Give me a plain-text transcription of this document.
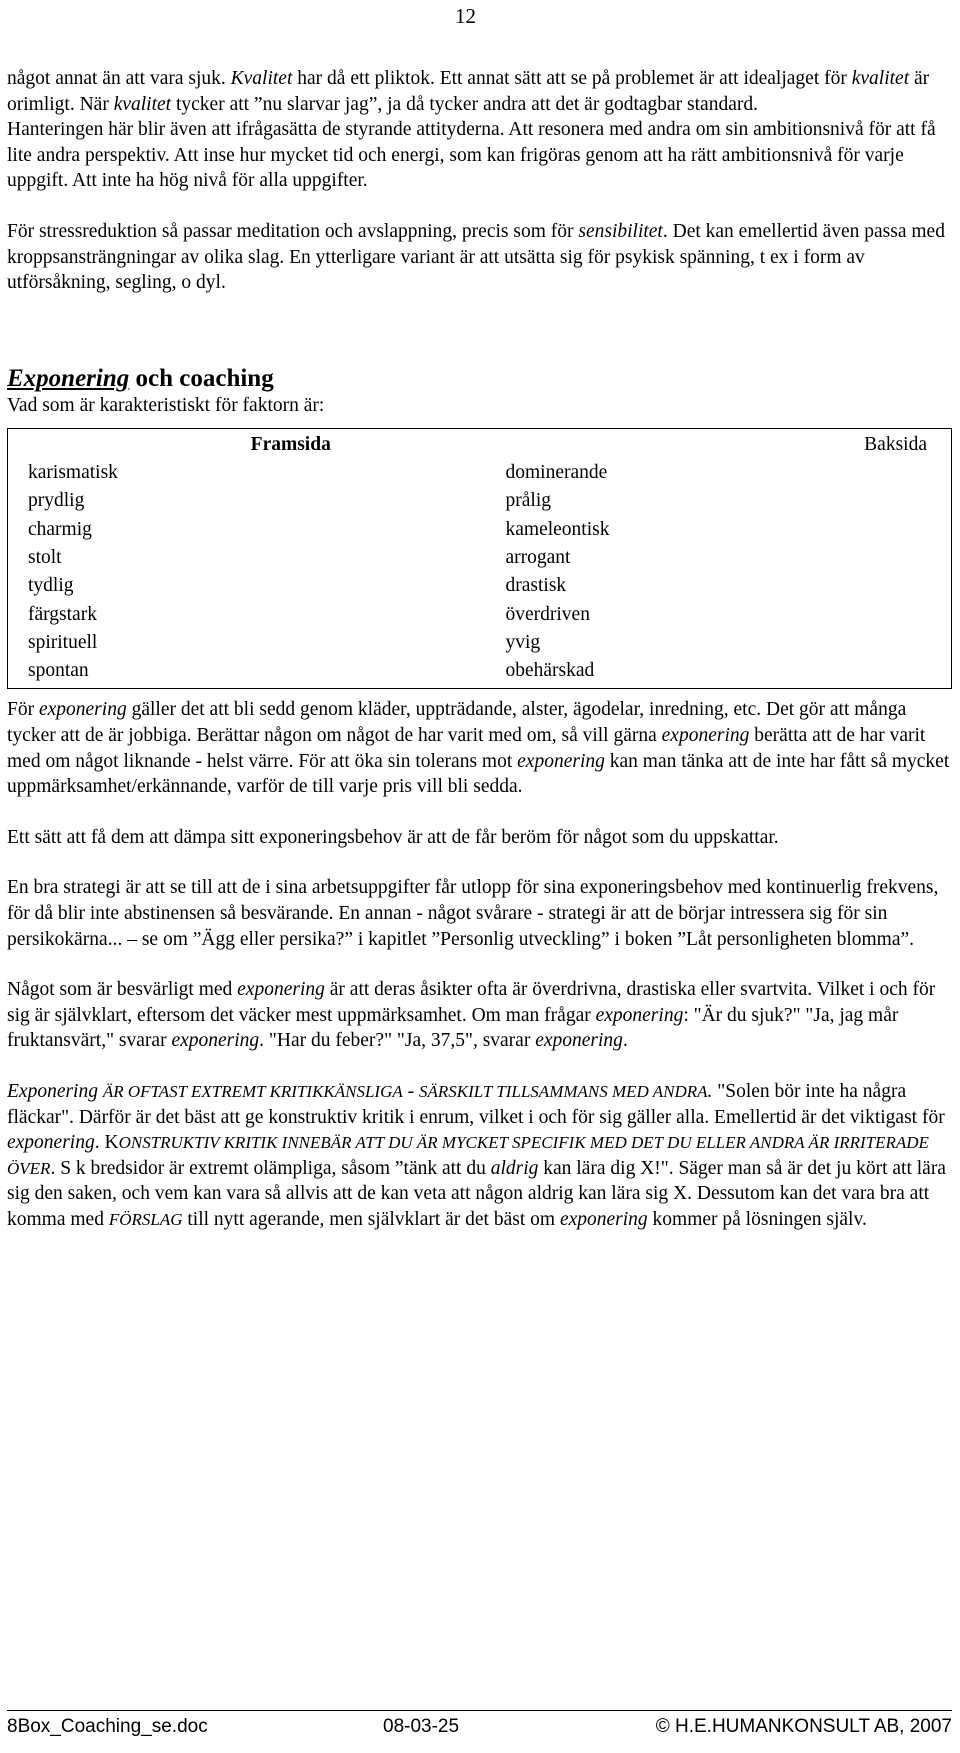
12

något annat än att vara sjuk. Kvalitet har då ett pliktok. Ett annat sätt att se på problemet är att idealjaget för kvalitet är orimligt. När kvalitet tycker att ”nu slarvar jag”, ja då tycker andra att det är godtagbar standard.

Hanteringen här blir även att ifrågasätta de styrande attityderna. Att resonera med andra om sin ambitionsnivå för att få lite andra perspektiv. Att inse hur mycket tid och energi, som kan frigöras genom att ha rätt ambitionsnivå för varje uppgift. Att inte ha hög nivå för alla uppgifter.

För stressreduktion så passar meditation och avslappning, precis som för sensibilitet. Det kan emellertid även passa med kroppsansträngningar av olika slag. En ytterligare variant är att utsätta sig för psykisk spänning, t ex i form av utförsåkning, segling, o dyl.

Exponering och coaching

Vad som är karakteristiskt för faktorn är:

Framsida
karismatisk
prydlig
charmig
stolt
tydlig
färgstark
spirituell
spontan
Baksida
dominerande
prålig
kameleontisk
arrogant
drastisk
överdriven
yvig
obehärskad

För exponering gäller det att bli sedd genom kläder, uppträdande, alster, ägodelar, inredning, etc. Det gör att många tycker att de är jobbiga. Berättar någon om något de har varit med om, så vill gärna exponering berätta att de har varit med om något liknande - helst värre. För att öka sin tolerans mot exponering kan man tänka att de inte har fått så mycket uppmärksamhet/erkännande, varför de till varje pris vill bli sedda.

Ett sätt att få dem att dämpa sitt exponeringsbehov är att de får beröm för något som du uppskattar.

En bra strategi är att se till att de i sina arbetsuppgifter får utlopp för sina exponeringsbehov med kontinuerlig frekvens, för då blir inte abstinensen så besvärande. En annan - något svårare - strategi är att de börjar intressera sig för sin persikokärna... – se om ”Ägg eller persika?” i kapitlet ”Personlig utveckling” i boken ”Låt personligheten blomma”.

Något som är besvärligt med exponering är att deras åsikter ofta är överdrivna, drastiska eller svartvita. Vilket i och för sig är självklart, eftersom det väcker mest uppmärksamhet. Om man frågar exponering: "Är du sjuk?" "Ja, jag mår fruktansvärt," svarar exponering. "Har du feber?" "Ja, 37,5", svarar exponering.

Exponering ÄR OFTAST EXTREMT KRITIKKÄNSLIGA - SÄRSKILT TILLSAMMANS MED ANDRA. "Solen bör inte ha några fläckar". Därför är det bäst att ge konstruktiv kritik i enrum, vilket i och för sig gäller alla. Emellertid är det viktigast för exponering. KONSTRUKTIV KRITIK INNEBÄR ATT DU ÄR MYCKET SPECIFIK MED DET DU ELLER ANDRA ÄR IRRITERADE ÖVER. S k bredsidor är extremt olämpliga, såsom ”tänk att du aldrig kan lära dig X!". Säger man så är det ju kört att lära sig den saken, och vem kan vara så allvis att de kan veta att någon aldrig kan lära sig X. Dessutom kan det vara bra att komma med FÖRSLAG till nytt agerande, men självklart är det bäst om exponering kommer på lösningen själv.

8Box_Coaching_se.doc	08-03-25	© H.E.HUMANKONSULT AB, 2007
